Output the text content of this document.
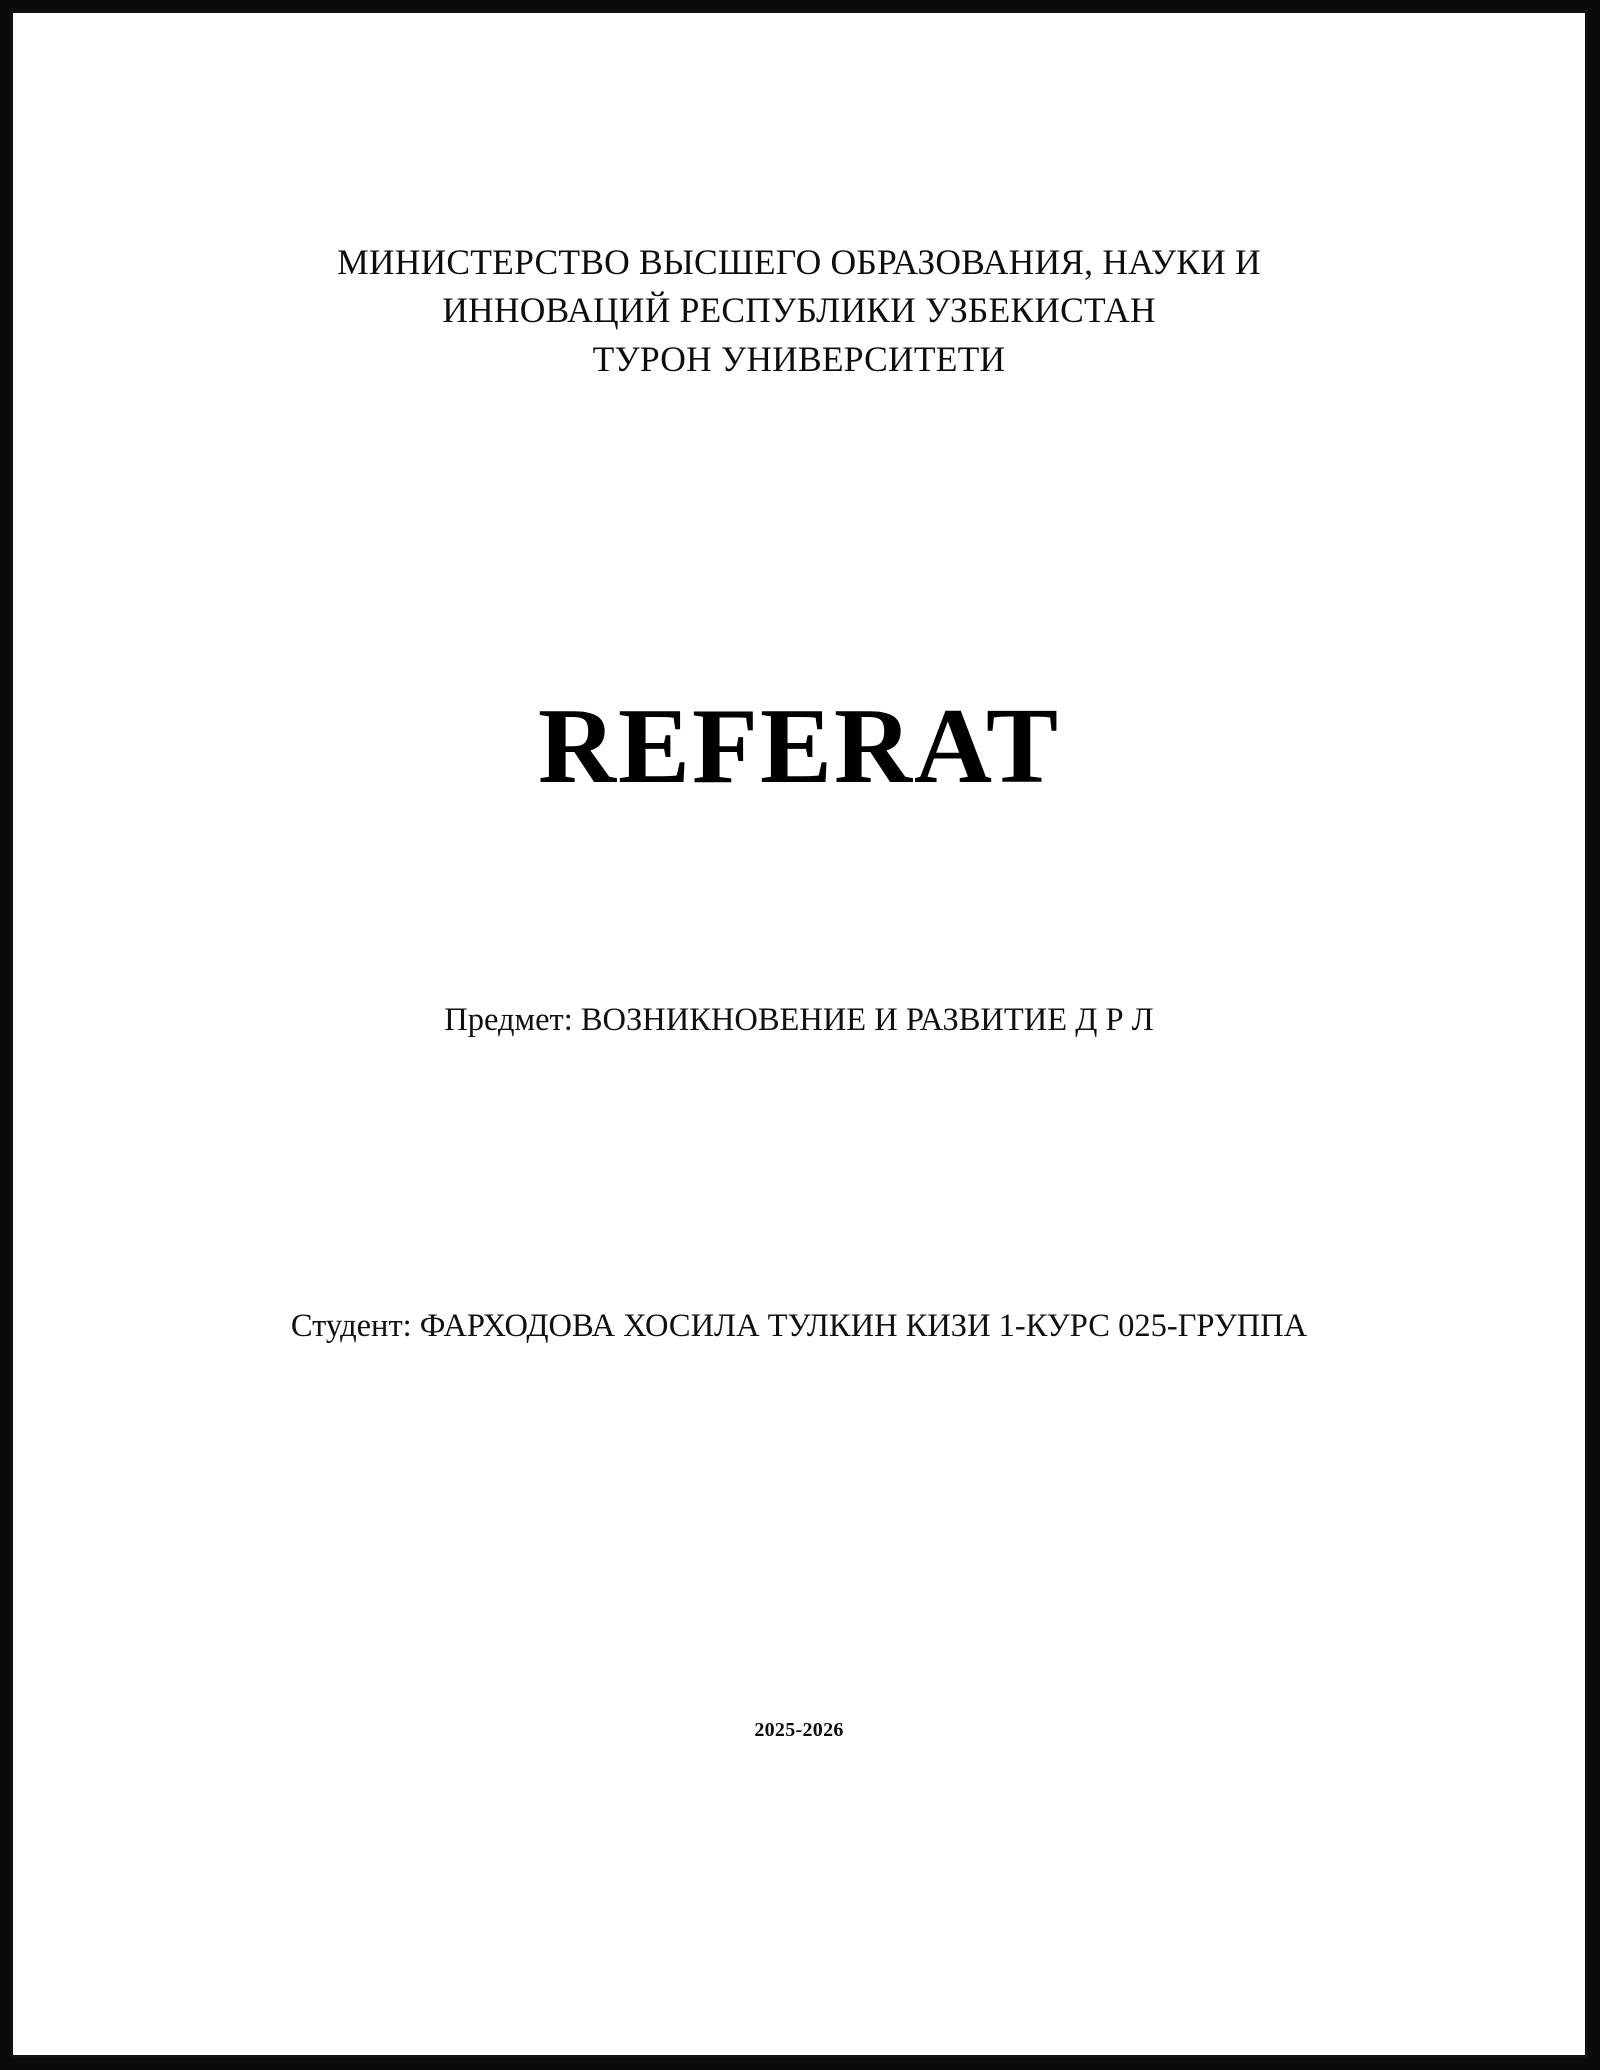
МИНИСТЕРСТВО ВЫСШЕГО ОБРАЗОВАНИЯ, НАУКИ И
ИННОВАЦИЙ РЕСПУБЛИКИ УЗБЕКИСТАН
ТУРОН УНИВЕРСИТЕТИ
REFERAT
Предмет: ВОЗНИКНОВЕНИЕ И РАЗВИТИЕ Д Р Л
Студент: ФАРХОДОВА ХОСИЛА ТУЛКИН КИЗИ 1-КУРС 025-ГРУППА
2025-2026
